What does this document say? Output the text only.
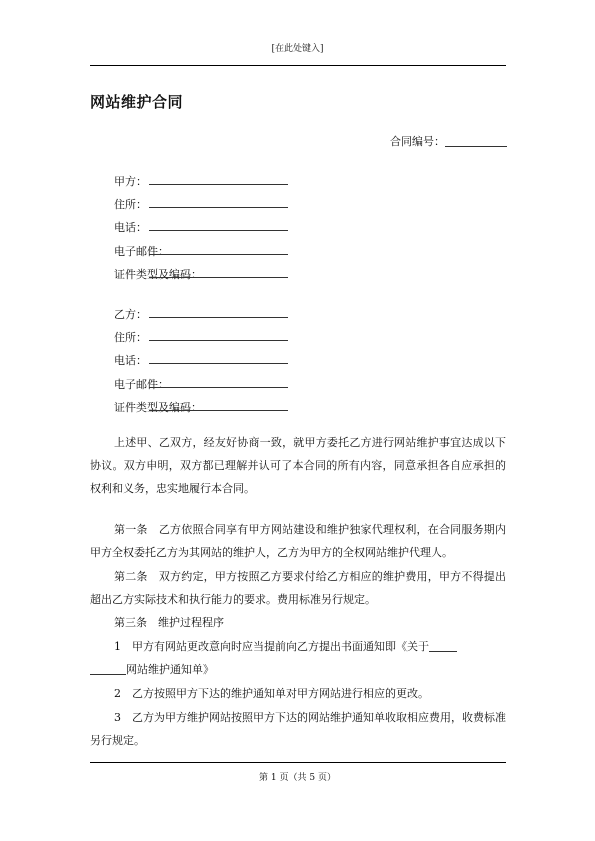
[在此处键入]
网站维护合同
合同编号：
甲方：
住所：
电话：
电子邮件：
证件类型及编码：
乙方：
住所：
电话：
电子邮件：
证件类型及编码：
上述甲、乙双方，经友好协商一致，就甲方委托乙方进行网站维护事宜达成以下协议。双方申明，双方都已理解并认可了本合同的所有内容，同意承担各自应承担的权利和义务，忠实地履行本合同。
第一条　乙方依照合同享有甲方网站建设和维护独家代理权利，在合同服务期内甲方全权委托乙方为其网站的维护人，乙方为甲方的全权网站维护代理人。
第二条　双方约定，甲方按照乙方要求付给乙方相应的维护费用，甲方不得提出超出乙方实际技术和执行能力的要求。费用标准另行规定。
第三条　维护过程程序
1　甲方有网站更改意向时应当提前向乙方提出书面通知即《关于
网站维护通知单》
2　乙方按照甲方下达的维护通知单对甲方网站进行相应的更改。
3　乙方为甲方维护网站按照甲方下达的网站维护通知单收取相应费用，收费标准另行规定。
第 1 页（共 5 页）
